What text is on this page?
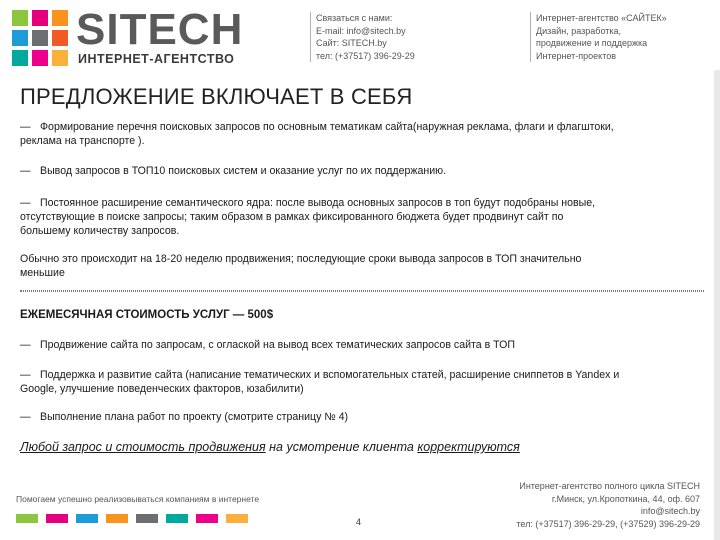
SITECH
ИНТЕРНЕТ-АГЕНТСТВО
Связаться с нами:
E-mail: info@sitech.by
Сайт: SITECH.by
тел: (+37517) 396-29-29
Интернет-агентство «САЙТЕК»
Дизайн, разработка,
продвижение и поддержка
Интернет-проектов
ПРЕДЛОЖЕНИЕ ВКЛЮЧАЕТ В СЕБЯ
— Формирование перечня поисковых запросов по основным тематикам сайта(наружная реклама, флаги и флагштоки,
реклама на транспорте ).
— Вывод запросов в ТОП10 поисковых систем и оказание услуг по их поддержанию.
— Постоянное расширение семантического ядра: после вывода основных запросов в топ будут подобраны новые,
отсутствующие в поиске запросы; таким образом в рамках фиксированного бюджета будет продвинут сайт по
большему количеству запросов.
Обычно это происходит на 18-20 неделю продвижения; последующие сроки вывода запросов в ТОП значительно
меньшие
ЕЖЕМЕСЯЧНАЯ СТОИМОСТЬ УСЛУГ — 500$
— Продвижение сайта по запросам, с оглаской на вывод всех тематических запросов сайта в ТОП
— Поддержка и развитие сайта (написание тематических и вспомогательных статей, расширение сниппетов в Yandex и
Google, улучшение поведенческих факторов, юзабилити)
— Выполнение плана работ по проекту (смотрите страницу № 4)
Любой запрос и стоимость продвижения на усмотрение клиента корректируются
Помогаем успешно реализовываться компаниям в интернете
4
Интернет-агентство полного цикла SITECH
г.Минск, ул.Кропоткина, 44, оф. 607
info@sitech.by
тел: (+37517) 396-29-29, (+37529) 396-29-29
